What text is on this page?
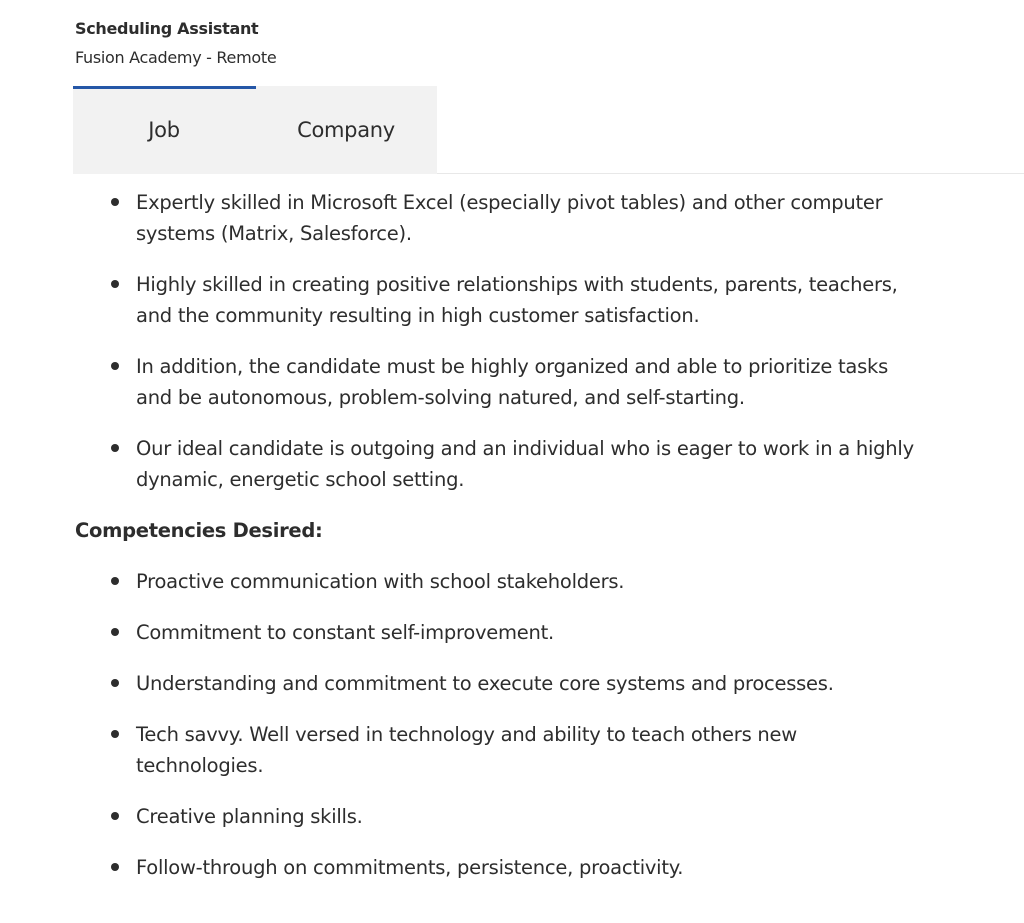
Scheduling Assistant
Fusion Academy - Remote
Job	Company
Expertly skilled in Microsoft Excel (especially pivot tables) and other computer systems (Matrix, Salesforce).
Highly skilled in creating positive relationships with students, parents, teachers, and the community resulting in high customer satisfaction.
In addition, the candidate must be highly organized and able to prioritize tasks and be autonomous, problem-solving natured, and self-starting.
Our ideal candidate is outgoing and an individual who is eager to work in a highly dynamic, energetic school setting.
Competencies Desired:
Proactive communication with school stakeholders.
Commitment to constant self-improvement.
Understanding and commitment to execute core systems and processes.
Tech savvy. Well versed in technology and ability to teach others new technologies.
Creative planning skills.
Follow-through on commitments, persistence, proactivity.
